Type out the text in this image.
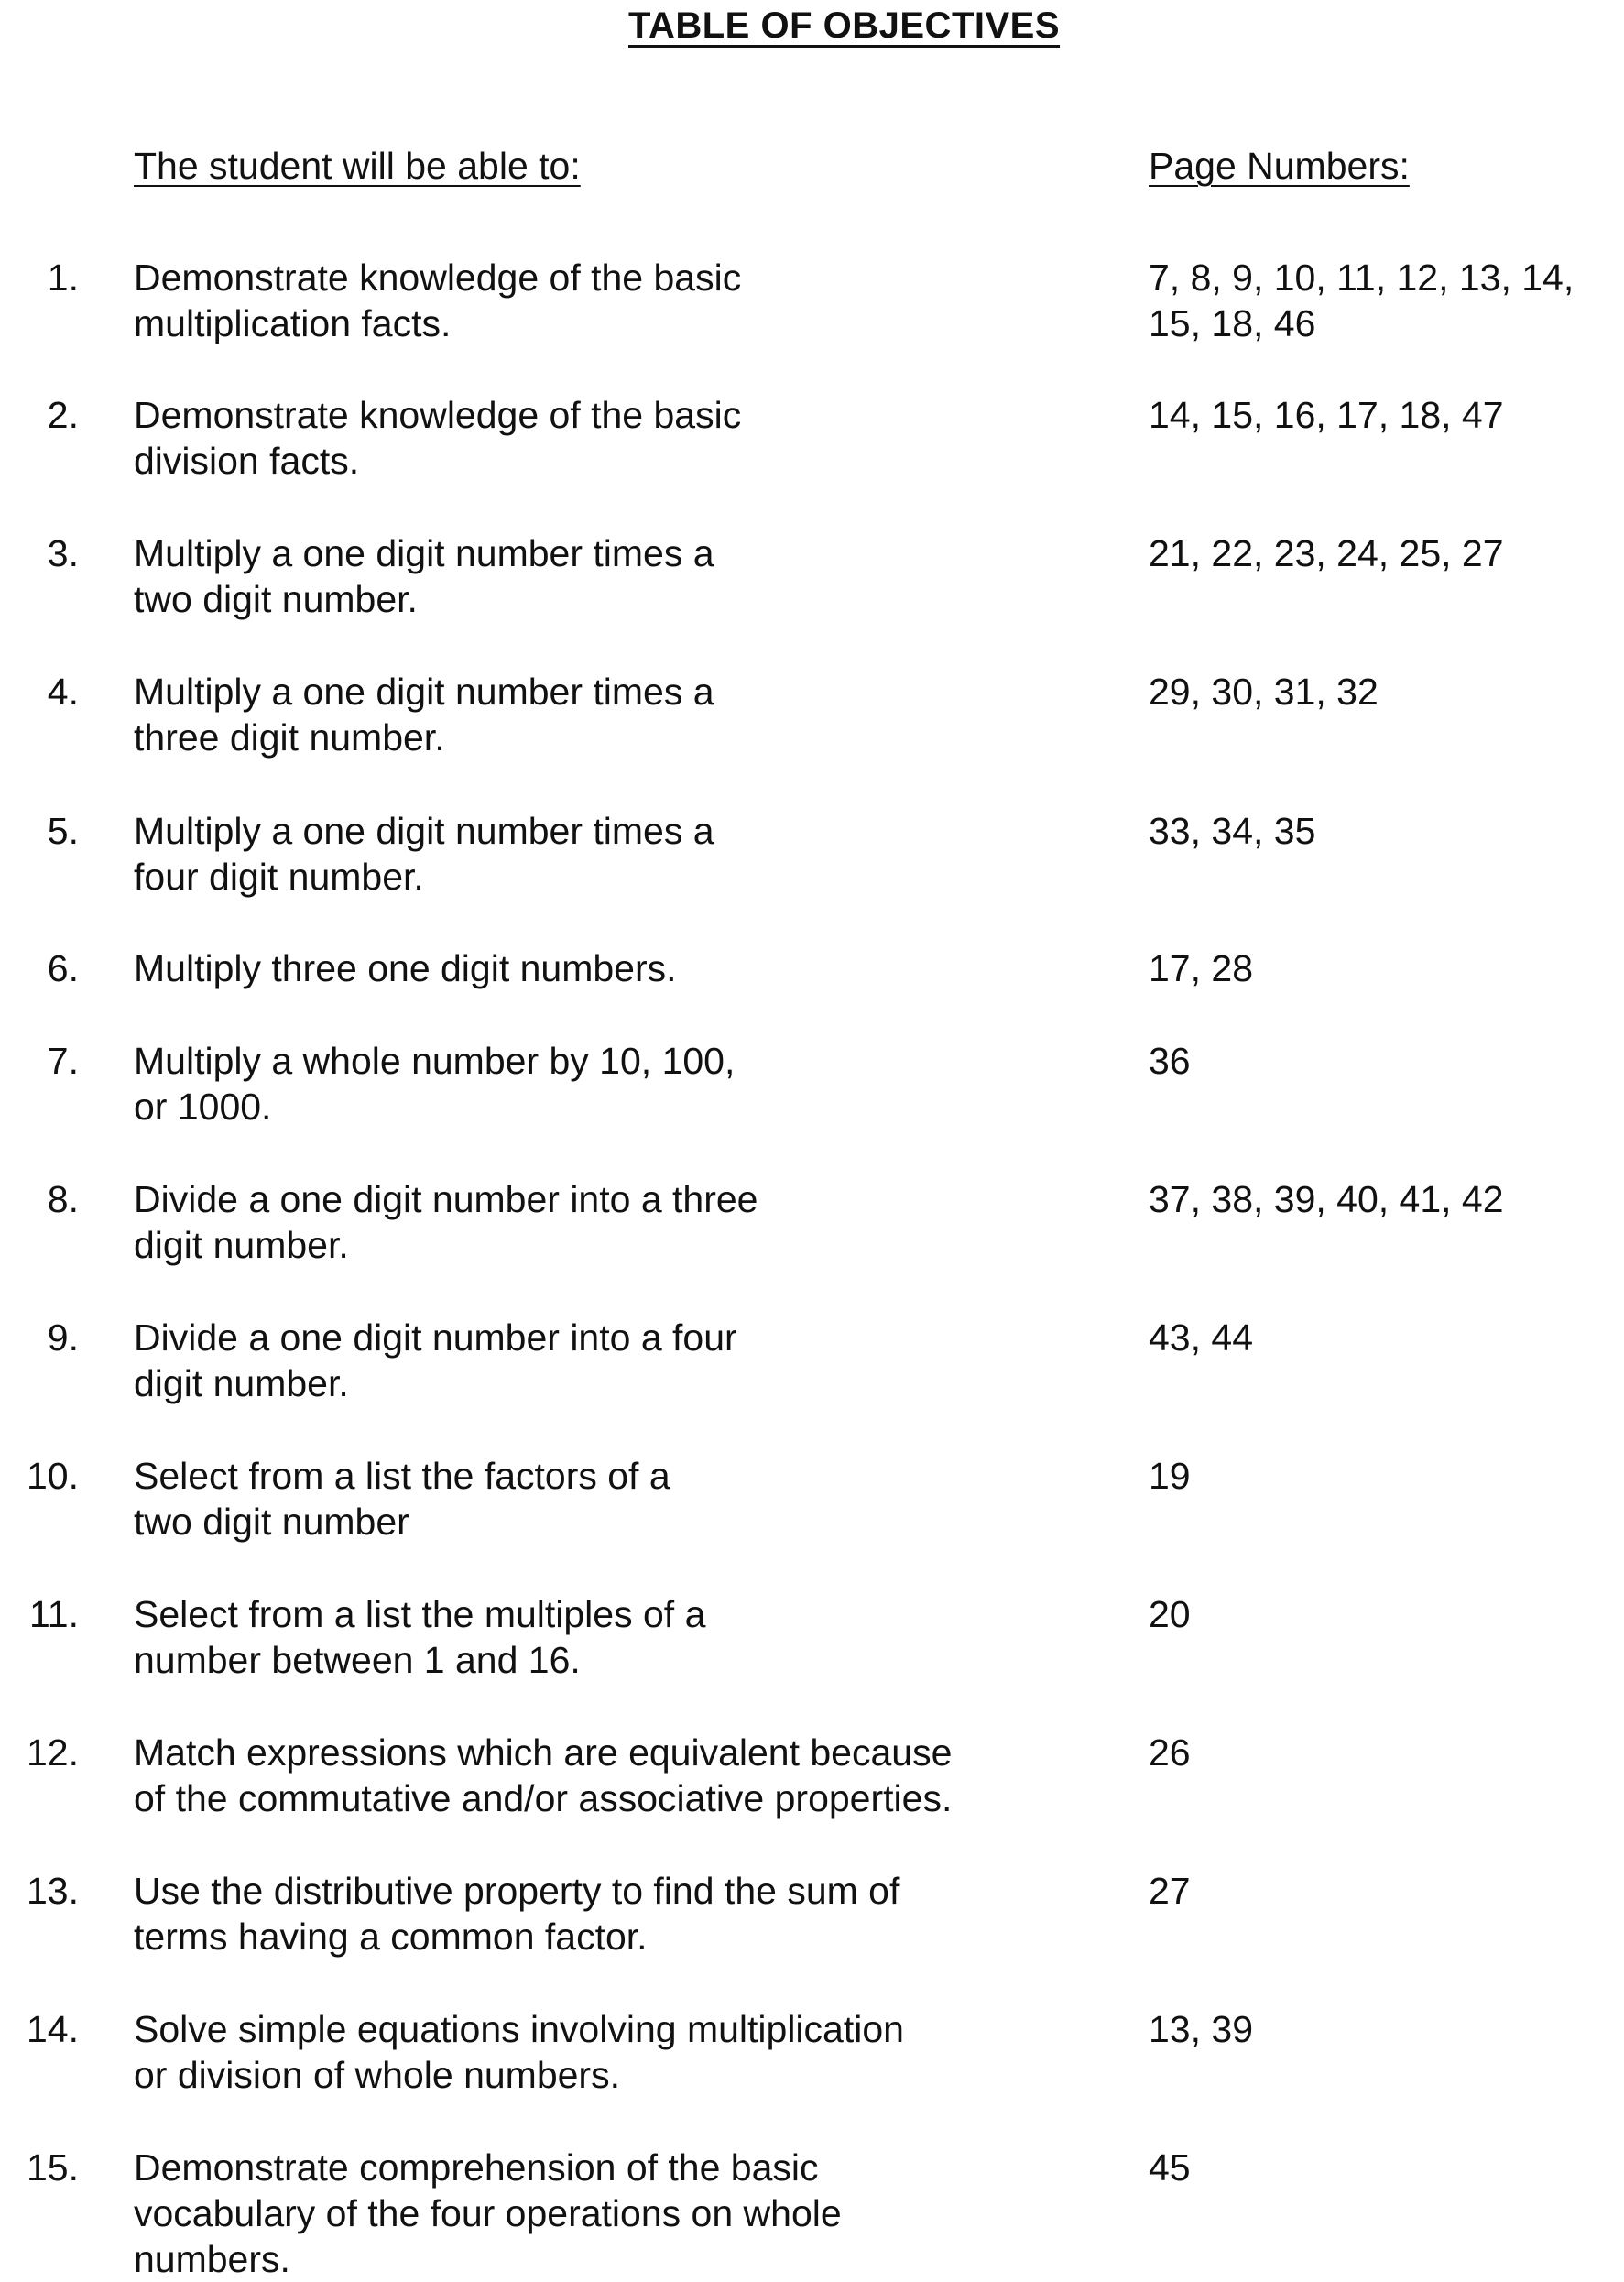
TABLE OF OBJECTIVES
The student will be able to:	Page Numbers:
1. Demonstrate knowledge of the basic
multiplication facts.
7, 8, 9, 10, 11, 12, 13, 14,
15, 18, 46
2. Demonstrate knowledge of the basic
division facts.
14, 15, 16, 17, 18, 47
3. Multiply a one digit number times a
two digit number.
21, 22, 23, 24, 25, 27
4. Multiply a one digit number times a
three digit number.
29, 30, 31, 32
5. Multiply a one digit number times a
four digit number.
33, 34, 35
6. Multiply three one digit numbers.	17, 28
7. Multiply a whole number by 10, 100,
or 1000.
36
8. Divide a one digit number into a three
digit number.
37, 38, 39, 40, 41, 42
9. Divide a one digit number into a four
digit number.
43, 44
10. Select from a list the factors of a
two digit number
19
11. Select from a list the multiples of a
number between 1 and 16.
20
12. Match expressions which are equivalent because
of the commutative and/or associative properties.
26
13. Use the distributive property to find the sum of
terms having a common factor.
27
14. Solve simple equations involving multiplication
or division of whole numbers.
13, 39
15. Demonstrate comprehension of the basic
vocabulary of the four operations on whole
numbers.
45
